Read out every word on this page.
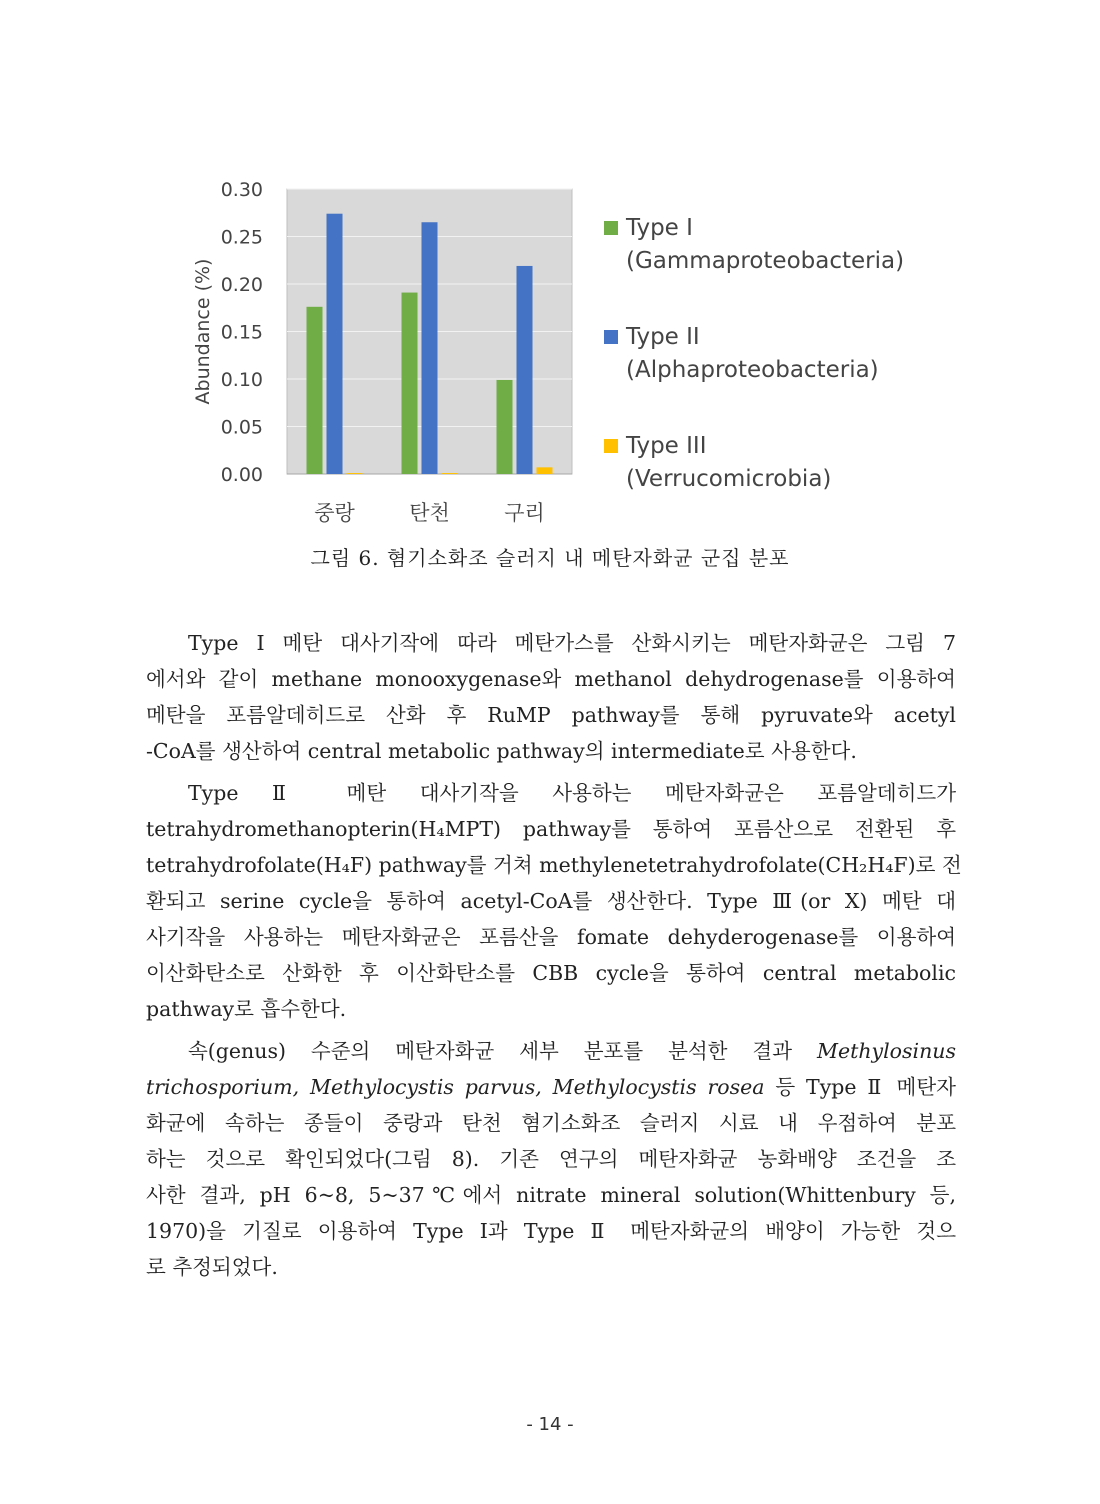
0.00
0.05
0.10
0.15
0.20
0.25
0.30
Abundance (%)
중랑	탄천	구리
Type I (Gammaproteobacteria)
Type II (Alphaproteobacteria)
Type III (Verrucomicrobia)
그림 6. 혐기소화조 슬러지 내 메탄자화균 군집 분포
Type I 메탄 대사기작에 따라 메탄가스를 산화시키는 메탄자화균은 그림 7
에서와 같이 methane monooxygenase와 methanol dehydrogenase를 이용하여
메탄을 포름알데히드로 산화 후 RuMP pathway를 통해 pyruvate와 acetyl
-CoA를 생산하여 central metabolic pathway의 intermediate로 사용한다.
Type Ⅱ 메탄 대사기작을 사용하는 메탄자화균은 포름알데히드가
tetrahydromethanopterin(H₄MPT) pathway를 통하여 포름산으로 전환된 후
tetrahydrofolate(H₄F) pathway를 거쳐 methylenetetrahydrofolate(CH₂H₄F)로 전
환되고 serine cycle을 통하여 acetyl-CoA를 생산한다. Type Ⅲ(or X) 메탄 대
사기작을 사용하는 메탄자화균은 포름산을 fomate dehyderogenase를 이용하여
이산화탄소로 산화한 후 이산화탄소를 CBB cycle을 통하여 central metabolic
pathway로 흡수한다.
속(genus) 수준의 메탄자화균 세부 분포를 분석한 결과 Methylosinus
trichosporium, Methylocystis parvus, Methylocystis rosea 등 Type Ⅱ 메탄자
화균에 속하는 종들이 중랑과 탄천 혐기소화조 슬러지 시료 내 우점하여 분포
하는 것으로 확인되었다(그림 8). 기존 연구의 메탄자화균 농화배양 조건을 조
사한 결과, pH 6~8, 5~37℃에서 nitrate mineral solution(Whittenbury 등,
1970)을 기질로 이용하여 Type I과 Type Ⅱ 메탄자화균의 배양이 가능한 것으
로 추정되었다.
- 14 -
